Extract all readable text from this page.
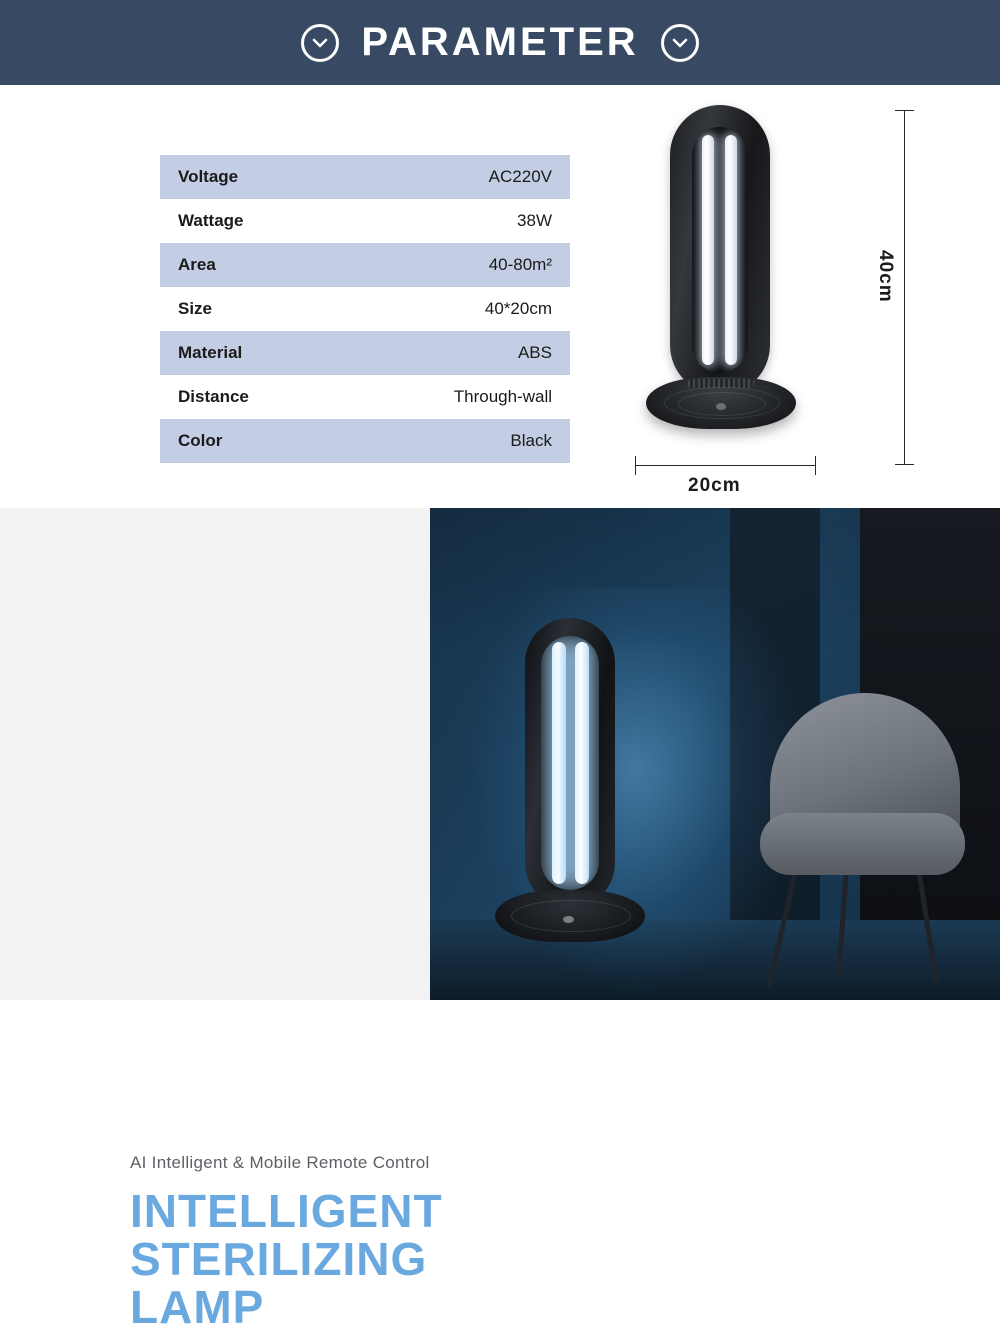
PARAMETER
Voltage	AC220V
Wattage	38W
Area	40-80m²
Size	40*20cm
Material	ABS
Distance	Through-wall
Color	Black
40cm
20cm
AI Intelligent & Mobile Remote Control
INTELLIGENT
STERILIZING
LAMP
